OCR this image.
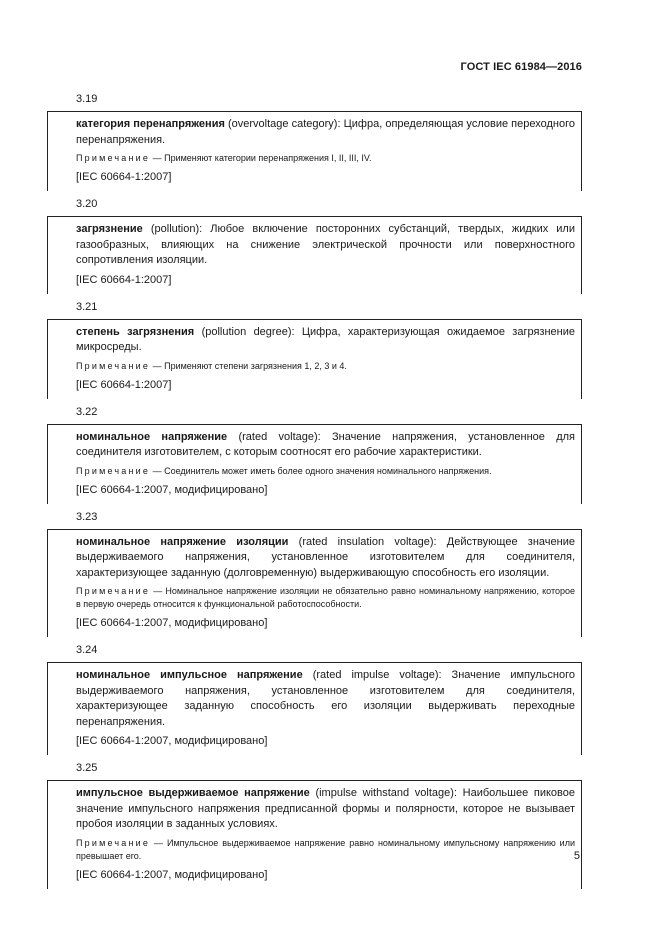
ГОСТ IEC 61984—2016
3.19

категория перенапряжения (overvoltage category): Цифра, определяющая условие переходного перенапряжения.

Примечание — Применяют категории перенапряжения I, II, III, IV.

[IEC 60664-1:2007]

3.20

загрязнение (pollution): Любое включение посторонних субстанций, твердых, жидких или газообразных, влияющих на снижение электрической прочности или поверхностного сопротивления изоляции.

[IEC 60664-1:2007]

3.21

степень загрязнения (pollution degree): Цифра, характеризующая ожидаемое загрязнение микросреды.

Примечание — Применяют степени загрязнения 1, 2, 3 и 4.

[IEC 60664-1:2007]

3.22

номинальное напряжение (rated voltage): Значение напряжения, установленное для соединителя изготовителем, с которым соотносят его рабочие характеристики.

Примечание — Соединитель может иметь более одного значения номинального напряжения.

[IEC 60664-1:2007, модифицировано]

3.23

номинальное напряжение изоляции (rated insulation voltage): Действующее значение выдерживаемого напряжения, установленное изготовителем для соединителя, характеризующее заданную (долговременную) выдерживающую способность его изоляции.

Примечание — Номинальное напряжение изоляции не обязательно равно номинальному напряжению, которое в первую очередь относится к функциональной работоспособности.

[IEC 60664-1:2007, модифицировано]

3.24

номинальное импульсное напряжение (rated impulse voltage): Значение импульсного выдерживаемого напряжения, установленное изготовителем для соединителя, характеризующее заданную способность его изоляции выдерживать переходные перенапряжения.

[IEC 60664-1:2007, модифицировано]

3.25

импульсное выдерживаемое напряжение (impulse withstand voltage): Наибольшее пиковое значение импульсного напряжения предписанной формы и полярности, которое не вызывает пробоя изоляции в заданных условиях.

Примечание — Импульсное выдерживаемое напряжение равно номинальному импульсному напряжению или превышает его.

[IEC 60664-1:2007, модифицировано]

5
